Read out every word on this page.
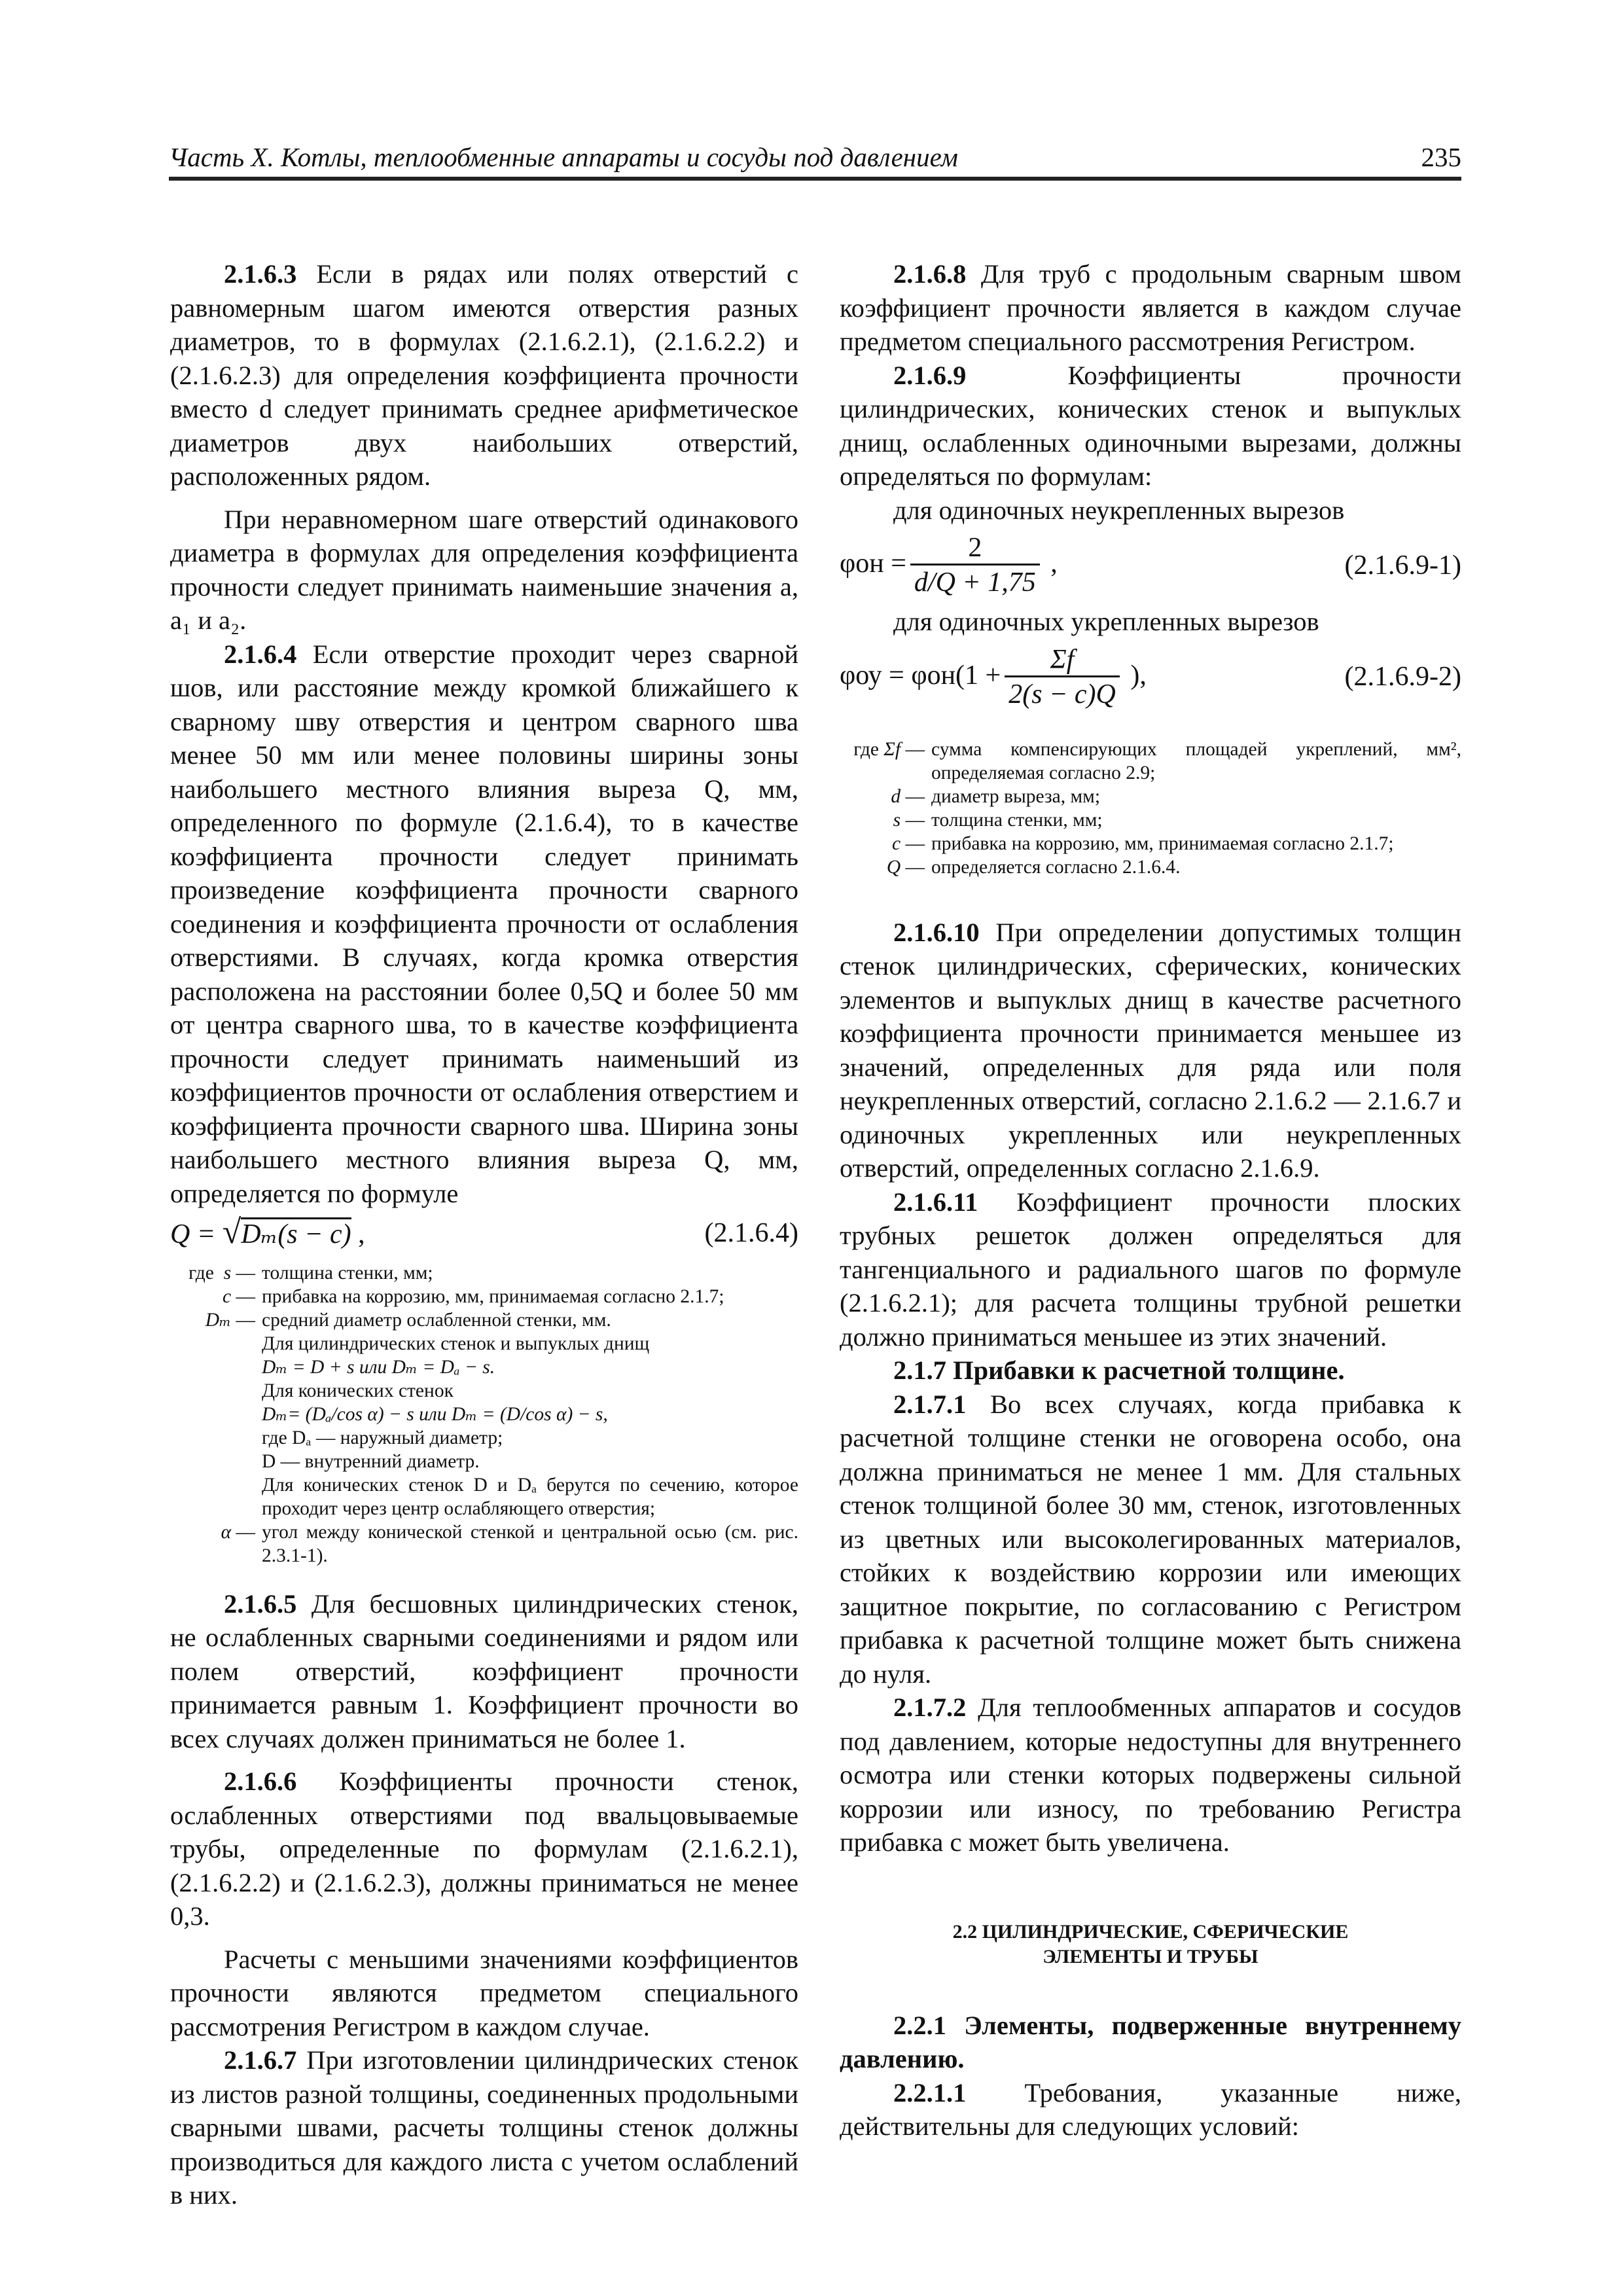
Часть X. Котлы, теплообменные аппараты и сосуды под давлением	235

2.1.6.3 Если в рядах или полях отверстий с равномерным шагом имеются отверстия разных диаметров, то в формулах (2.1.6.2.1), (2.1.6.2.2) и (2.1.6.2.3) для определения коэффициента прочности вместо d следует принимать среднее арифметическое диаметров двух наибольших отверстий, расположенных рядом.

При неравномерном шаге отверстий одинакового диаметра в формулах для определения коэффициента прочности следует принимать наименьшие значения a, a₁ и a₂.

2.1.6.4 Если отверстие проходит через сварной шов, или расстояние между кромкой ближайшего к сварному шву отверстия и центром сварного шва менее 50 мм или менее половины ширины зоны наибольшего местного влияния выреза Q, мм, определенного по формуле (2.1.6.4), то в качестве коэффициента прочности следует принимать произведение коэффициента прочности сварного соединения и коэффициента прочности от ослабления отверстиями. В случаях, когда кромка отверстия расположена на расстоянии более 0,5Q и более 50 мм от центра сварного шва, то в качестве коэффициента прочности следует принимать наименьший из коэффициентов прочности от ослабления отверстием и коэффициента прочности сварного шва. Ширина зоны наибольшего местного влияния выреза Q, мм, определяется по формуле

Q = √Dₘ(s − c) ,	(2.1.6.4)
где s — толщина стенки, мм;
c — прибавка на коррозию, мм, принимаемая согласно 2.1.7;
Dₘ — средний диаметр ослабленной стенки, мм.
Для цилиндрических стенок и выпуклых днищ
Dₘ = D + s или Dₘ = Dₐ − s.
Для конических стенок
Dₘ= (Dₐ/cos α) − s или Dₘ = (D/cos α) − s,
где Dₐ — наружный диаметр;
D — внутренний диаметр.
Для конических стенок D и Dₐ берутся по сечению, которое проходит через центр ослабляющего отверстия;
α — угол между конической стенкой и центральной осью (см. рис. 2.3.1-1).

2.1.6.5 Для бесшовных цилиндрических стенок, не ослабленных сварными соединениями и рядом или полем отверстий, коэффициент прочности принимается равным 1. Коэффициент прочности во всех случаях должен приниматься не более 1.

2.1.6.6 Коэффициенты прочности стенок, ослабленных отверстиями под ввальцовываемые трубы, определенные по формулам (2.1.6.2.1), (2.1.6.2.2) и (2.1.6.2.3), должны приниматься не менее 0,3.

Расчеты с меньшими значениями коэффициентов прочности являются предметом специального рассмотрения Регистром в каждом случае.

2.1.6.7 При изготовлении цилиндрических стенок из листов разной толщины, соединенных продольными сварными швами, расчеты толщины стенок должны производиться для каждого листа с учетом ослаблений в них.

2.1.6.8 Для труб с продольным сварным швом коэффициент прочности является в каждом случае предметом специального рассмотрения Регистром.

2.1.6.9 Коэффициенты прочности цилиндрических, конических стенок и выпуклых днищ, ослабленных одиночными вырезами, должны определяться по формулам:

для одиночных неукрепленных вырезов

$\varphi он = \frac{2}{d/Q + 1,75}$ ,	(2.1.6.9-1)

для одиночных укрепленных вырезов

$\varphi оу = \varphi он(1 + \frac{\Sigma f}{2(s - c)Q}$ ),	(2.1.6.9-2)
где Σf — сумма компенсирующих площадей укреплений, мм², определяемая согласно 2.9;
d — диаметр выреза, мм;
s — толщина стенки, мм;
c — прибавка на коррозию, мм, принимаемая согласно 2.1.7;
Q — определяется согласно 2.1.6.4.

2.1.6.10 При определении допустимых толщин стенок цилиндрических, сферических, конических элементов и выпуклых днищ в качестве расчетного коэффициента прочности принимается меньшее из значений, определенных для ряда или поля неукрепленных отверстий, согласно 2.1.6.2 — 2.1.6.7 и одиночных укрепленных или неукрепленных отверстий, определенных согласно 2.1.6.9.

2.1.6.11 Коэффициент прочности плоских трубных решеток должен определяться для тангенциального и радиального шагов по формуле (2.1.6.2.1); для расчета толщины трубной решетки должно приниматься меньшее из этих значений.

2.1.7 Прибавки к расчетной толщине.

2.1.7.1 Во всех случаях, когда прибавка к расчетной толщине стенки не оговорена особо, она должна приниматься не менее 1 мм. Для стальных стенок толщиной более 30 мм, стенок, изготовленных из цветных или высоколегированных материалов, стойких к воздействию коррозии или имеющих защитное покрытие, по согласованию с Регистром прибавка к расчетной толщине может быть снижена до нуля.

2.1.7.2 Для теплообменных аппаратов и сосудов под давлением, которые недоступны для внутреннего осмотра или стенки которых подвержены сильной коррозии или износу, по требованию Регистра прибавка c может быть увеличена.

2.2 ЦИЛИНДРИЧЕСКИЕ, СФЕРИЧЕСКИЕ
ЭЛЕМЕНТЫ И ТРУБЫ

2.2.1 Элементы, подверженные внутреннему давлению.

2.2.1.1 Требования, указанные ниже, действительны для следующих условий:
